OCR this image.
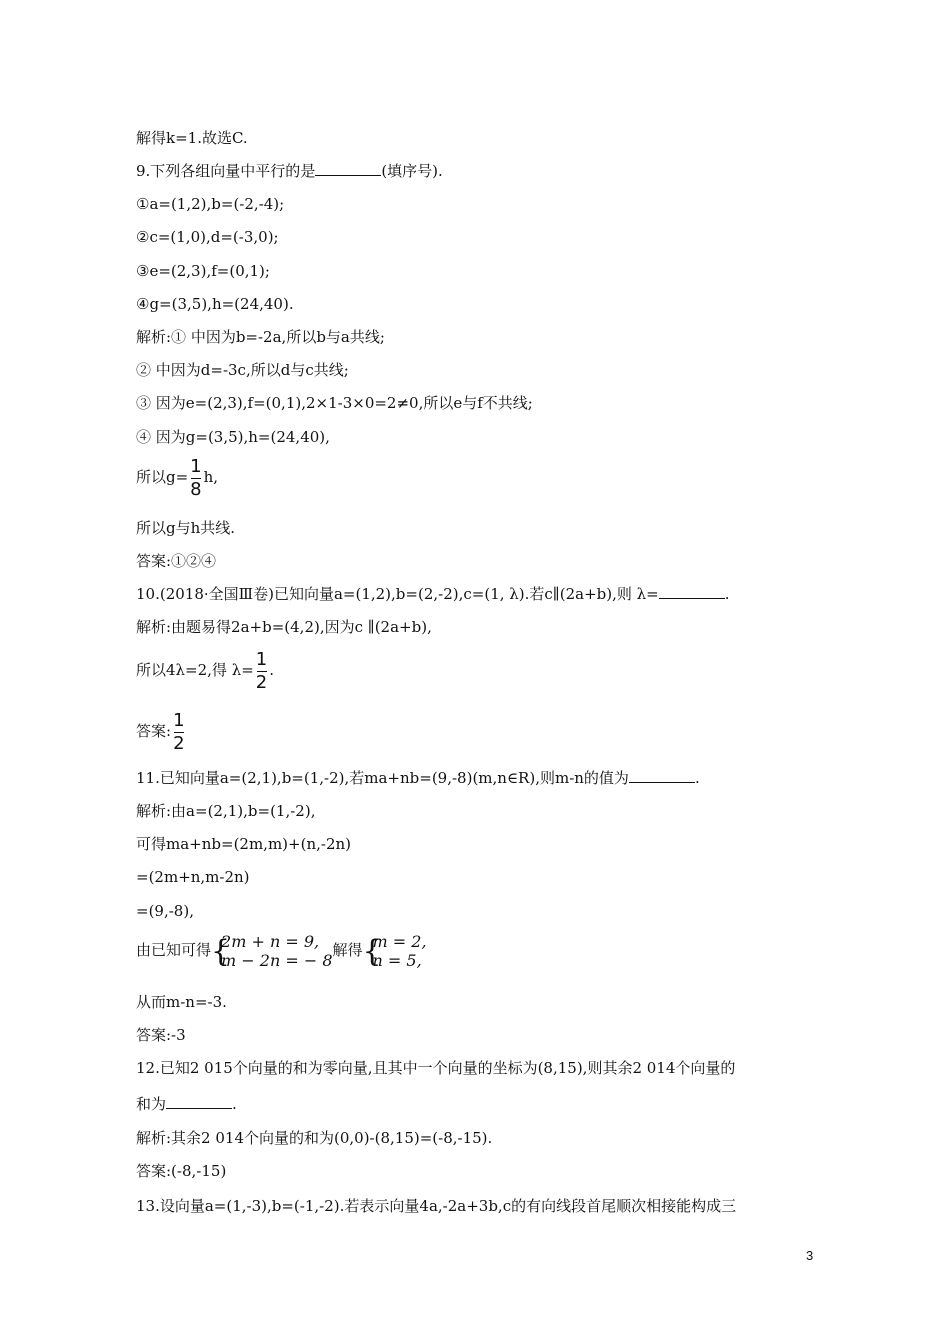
解得k=1.故选C.
9.下列各组向量中平行的是	(填序号).
①a=(1,2),b=(-2,-4);
②c=(1,0),d=(-3,0);
③e=(2,3),f=(0,1);
④g=(3,5),h=(24,40).
解析:① 中因为b=-2a,所以b与a共线;
② 中因为d=-3c,所以d与c共线;
③ 因为e=(2,3),f=(0,1),2×1-3×0=2≠0,所以e与f不共线;
④ 因为g=(3,5),h=(24,40),
所以$g= \frac{1}{8} h$,
所以g与h共线.
答案:①②④
10.(2018·全国Ⅲ卷)已知向量a=(1,2),b=(2,-2),c=(1, λ).若c∥(2a+b),则 λ=	.
解析:由题易得2a+b=(4,2),因为c ∥(2a+b),
所以4λ=2,得 $\lambda= \frac{1}{2}$ .
答案: $\frac{1}{2}$
11.已知向量a=(2,1),b=(1,-2),若ma+nb=(9,-8)(m,n∈R),则m-n的值为	.
解析:由a=(2,1),b=(1,-2),
可得ma+nb=(2m,m)+(n,-2n)
=(2m+n,m-2n)
=(9,-8),
由已知可得 {
2m + n = 9,
m − 2n = − 8
解得 {
m = 2,
n = 5,
从而m-n=-3.
答案:-3
12.已知2 015个向量的和为零向量,且其中一个向量的坐标为(8,15),则其余2 014个向量的
和为	.
解析:其余2 014个向量的和为(0,0)-(8,15)=(-8,-15).
答案:(-8,-15)
13.设向量a=(1,-3),b=(-1,-2).若表示向量4a,-2a+3b,c的有向线段首尾顺次相接能构成三
3
